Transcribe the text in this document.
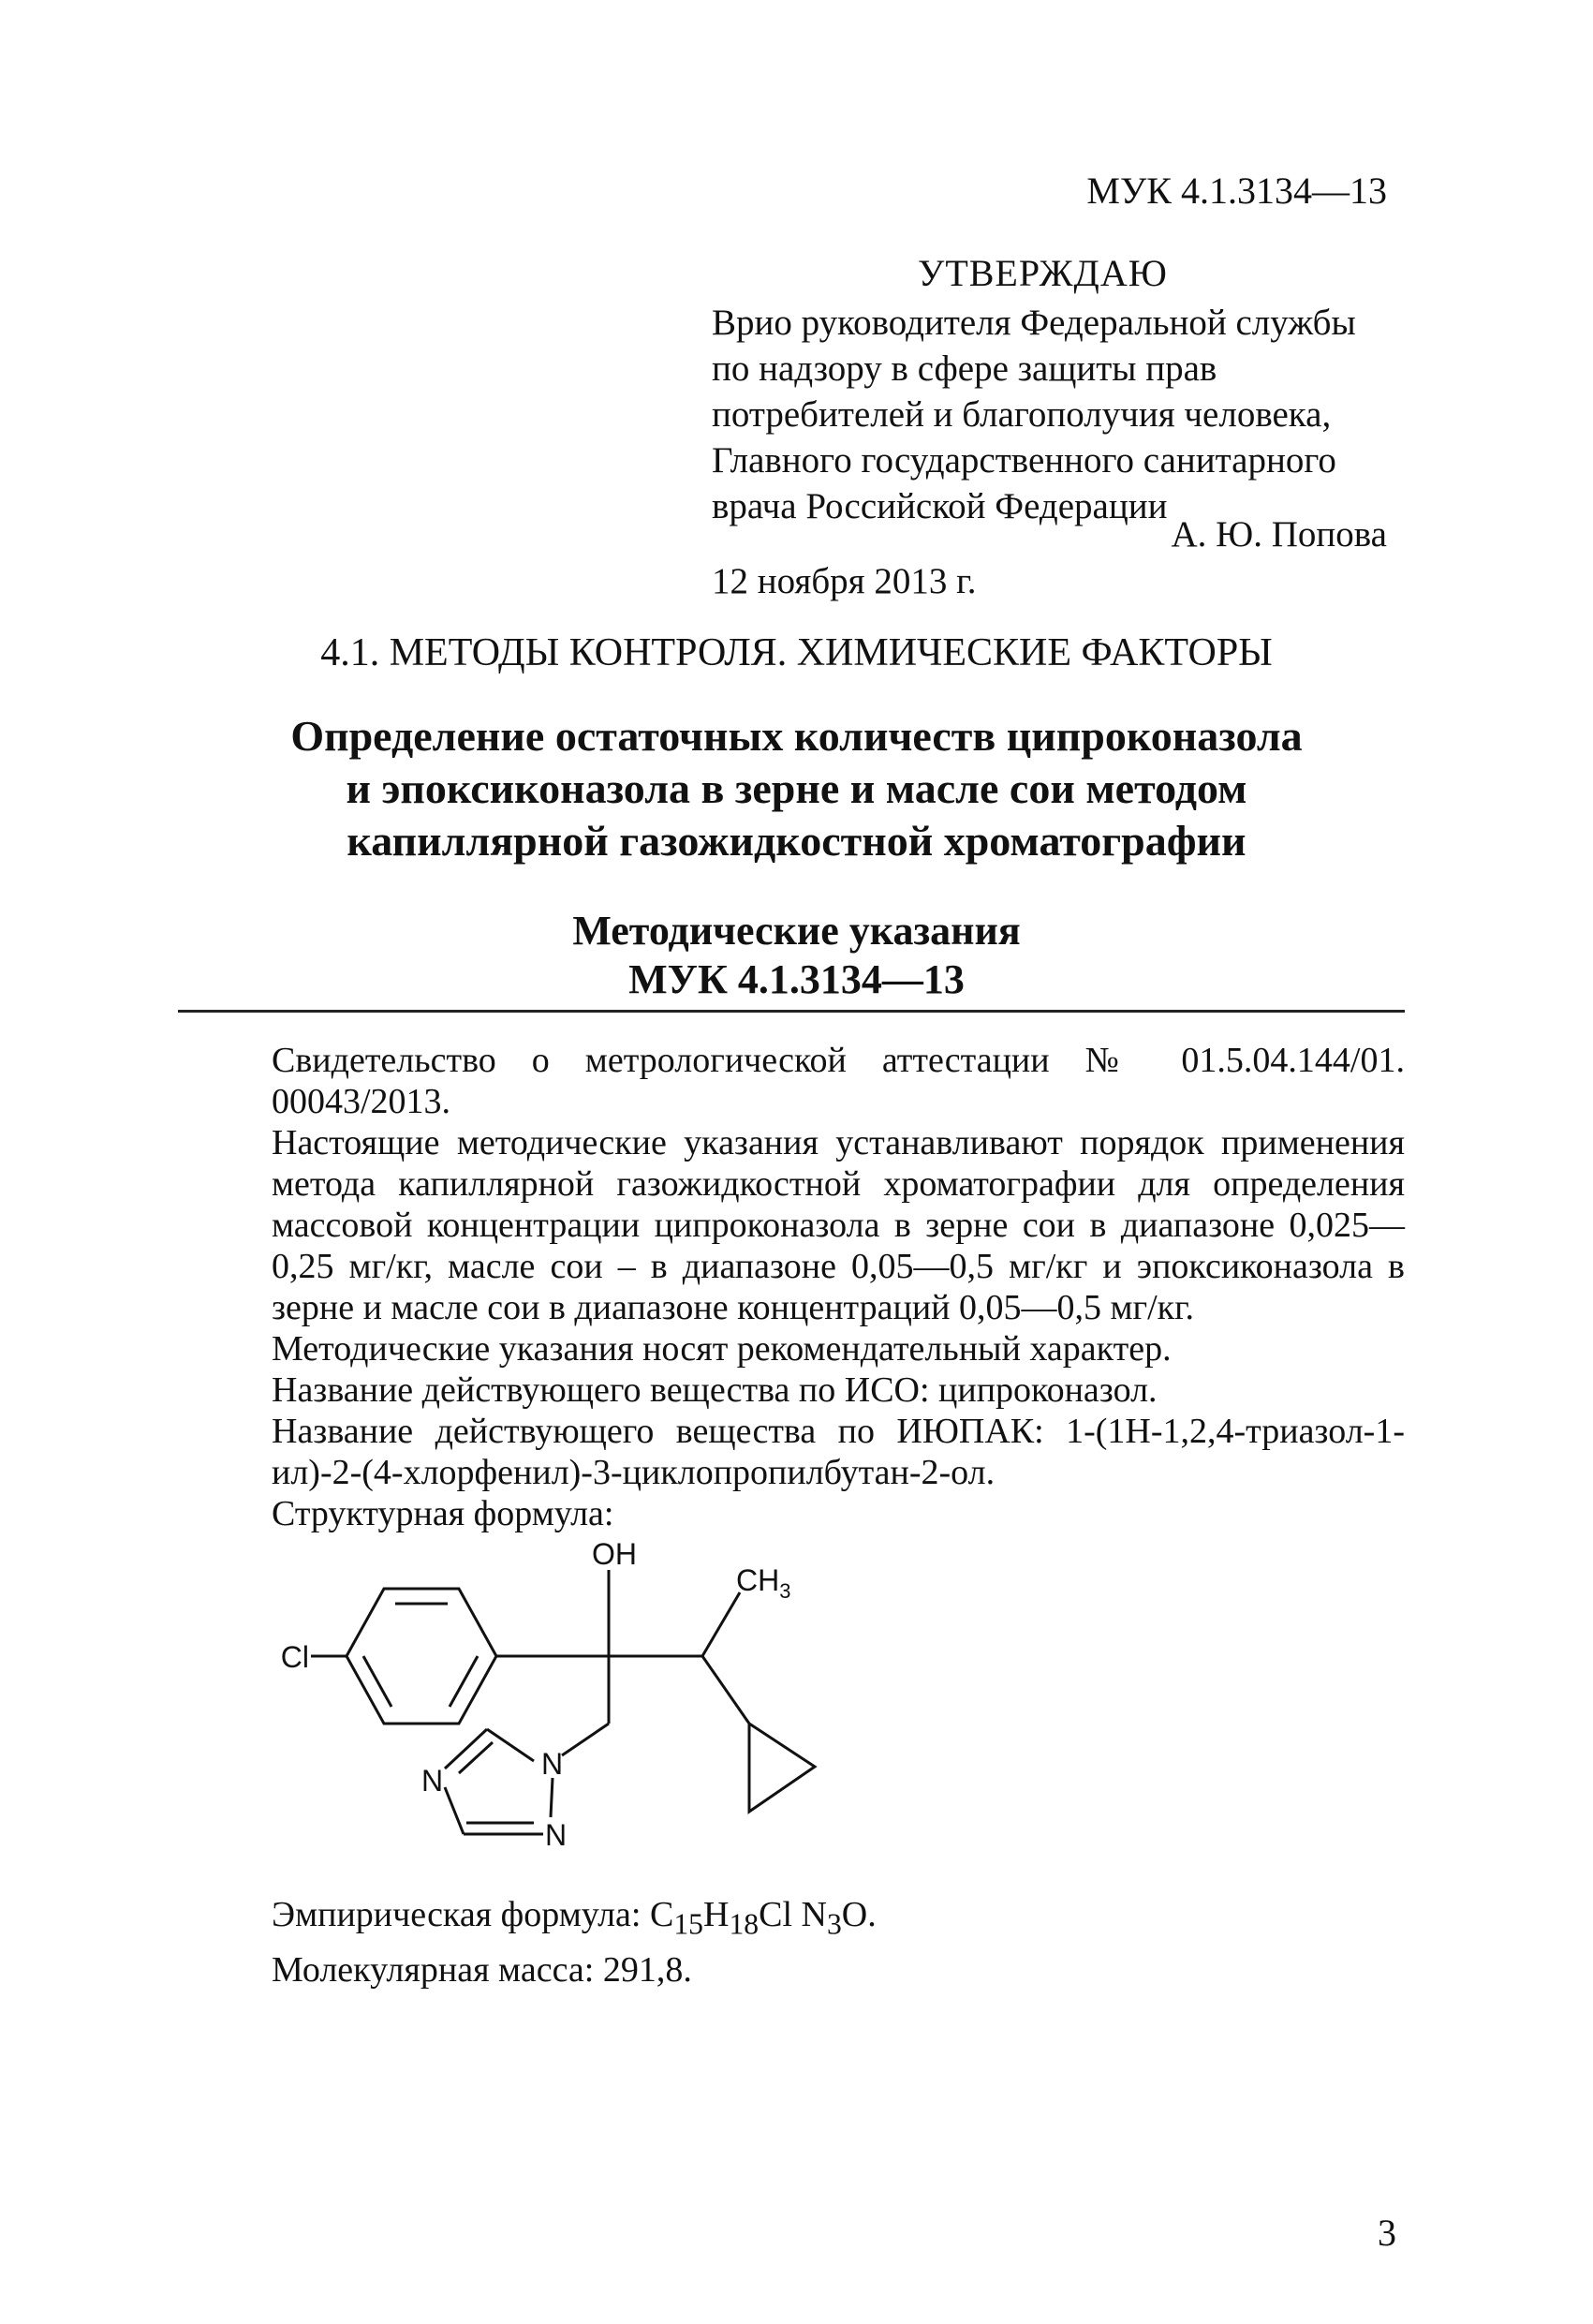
МУК 4.1.3134—13
УТВЕРЖДАЮ
Врио руководителя Федеральной службы
по надзору в сфере защиты прав
потребителей и благополучия человека,
Главного государственного санитарного
врача Российской Федерации
А. Ю. Попова
12 ноября 2013 г.
4.1. МЕТОДЫ КОНТРОЛЯ. ХИМИЧЕСКИЕ ФАКТОРЫ
Определение остаточных количеств ципроконазола
и эпоксиконазола в зерне и масле сои методом
капиллярной газожидкостной хроматографии
Методические указания
МУК 4.1.3134—13
Свидетельство о метрологической аттестации № 01.5.04.144/01. 00043/2013.
Настоящие методические указания устанавливают порядок применения метода капиллярной газожидкостной хроматографии для определения массовой концентрации ципроконазола в зерне сои в диапазоне 0,025—0,25 мг/кг, масле сои – в диапазоне 0,05—0,5 мг/кг и эпоксиконазола в зерне и масле сои в диапазоне концентраций 0,05—0,5 мг/кг.
Методические указания носят рекомендательный характер.
Название действующего вещества по ИСО: ципроконазол.
Название действующего вещества по ИЮПАК: 1-(1Н-1,2,4-триазол-1-ил)-2-(4-хлорфенил)-3-циклопропилбутан-2-ол.
Структурная формула:
Cl
OH
$CH_3$
N
N
N
Эмпирическая формула: $C_{15}H_{18}Cl$ $N_3O$.
Молекулярная масса: 291,8.
3
